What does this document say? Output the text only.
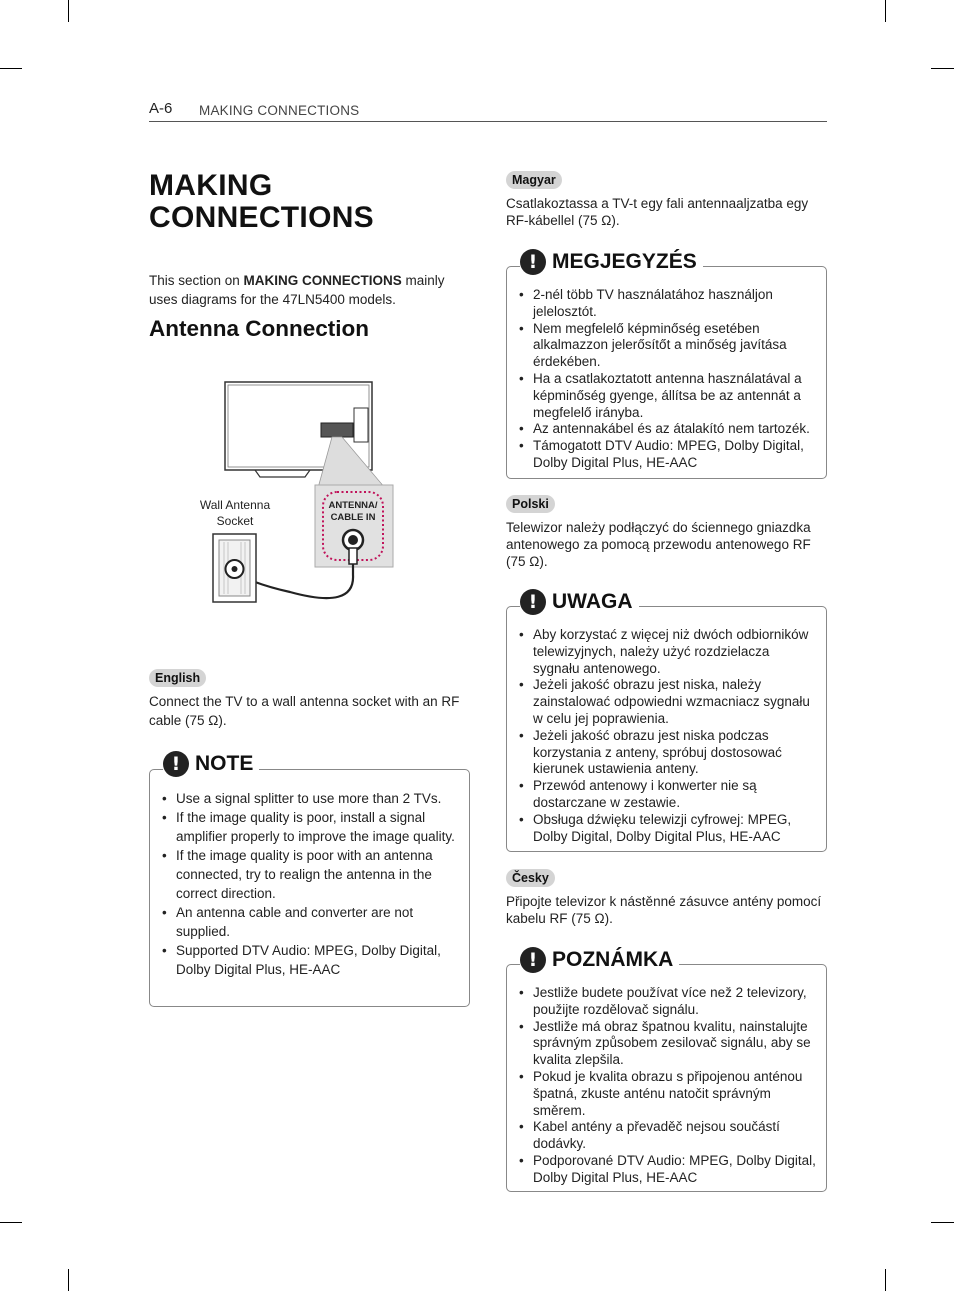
A-6 MAKING CONNECTIONS
MAKING
CONNECTIONS
This section on MAKING CONNECTIONS mainly uses diagrams for the 47LN5400 models.
Antenna Connection
ANTENNA/
CABLE IN
Wall Antenna
Socket
English
Connect the TV to a wall antenna socket with an RF cable (75 Ω).
! NOTE
• Use a signal splitter to use more than 2 TVs.
• If the image quality is poor, install a signal amplifier properly to improve the image quality.
• If the image quality is poor with an antenna connected, try to realign the antenna in the correct direction.
• An antenna cable and converter are not supplied.
• Supported DTV Audio: MPEG, Dolby Digital, Dolby Digital Plus, HE-AAC
Magyar
Csatlakoztassa a TV-t egy fali antennaaljzatba egy RF-kábellel (75 Ω).
! MEGJEGYZÉS
• 2-nél több TV használatához használjon jelelosztót.
• Nem megfelelő képminőség esetében alkalmazzon jelerősítőt a minőség javítása érdekében.
• Ha a csatlakoztatott antenna használatával a képminőség gyenge, állítsa be az antennát a megfelelő irányba.
• Az antennakábel és az átalakító nem tartozék.
• Támogatott DTV Audio: MPEG, Dolby Digital, Dolby Digital Plus, HE-AAC
Polski
Telewizor należy podłączyć do ściennego gniazdka antenowego za pomocą przewodu antenowego RF (75 Ω).
! UWAGA
• Aby korzystać z więcej niż dwóch odbiorników telewizyjnych, należy użyć rozdzielacza sygnału antenowego.
• Jeżeli jakość obrazu jest niska, należy zainstalować odpowiedni wzmacniacz sygnału w celu jej poprawienia.
• Jeżeli jakość obrazu jest niska podczas korzystania z anteny, spróbuj dostosować kierunek ustawienia anteny.
• Przewód antenowy i konwerter nie są dostarczane w zestawie.
• Obsługa dźwięku telewizji cyfrowej: MPEG, Dolby Digital, Dolby Digital Plus, HE-AAC
Česky
Připojte televizor k nástěnné zásuvce antény pomocí kabelu RF (75 Ω).
! POZNÁMKA
• Jestliže budete používat více než 2 televizory, použijte rozdělovač signálu.
• Jestliže má obraz špatnou kvalitu, nainstalujte správným způsobem zesilovač signálu, aby se kvalita zlepšila.
• Pokud je kvalita obrazu s připojenou anténou špatná, zkuste anténu natočit správným směrem.
• Kabel antény a převaděč nejsou součástí dodávky.
• Podporované DTV Audio: MPEG, Dolby Digital, Dolby Digital Plus, HE-AAC
